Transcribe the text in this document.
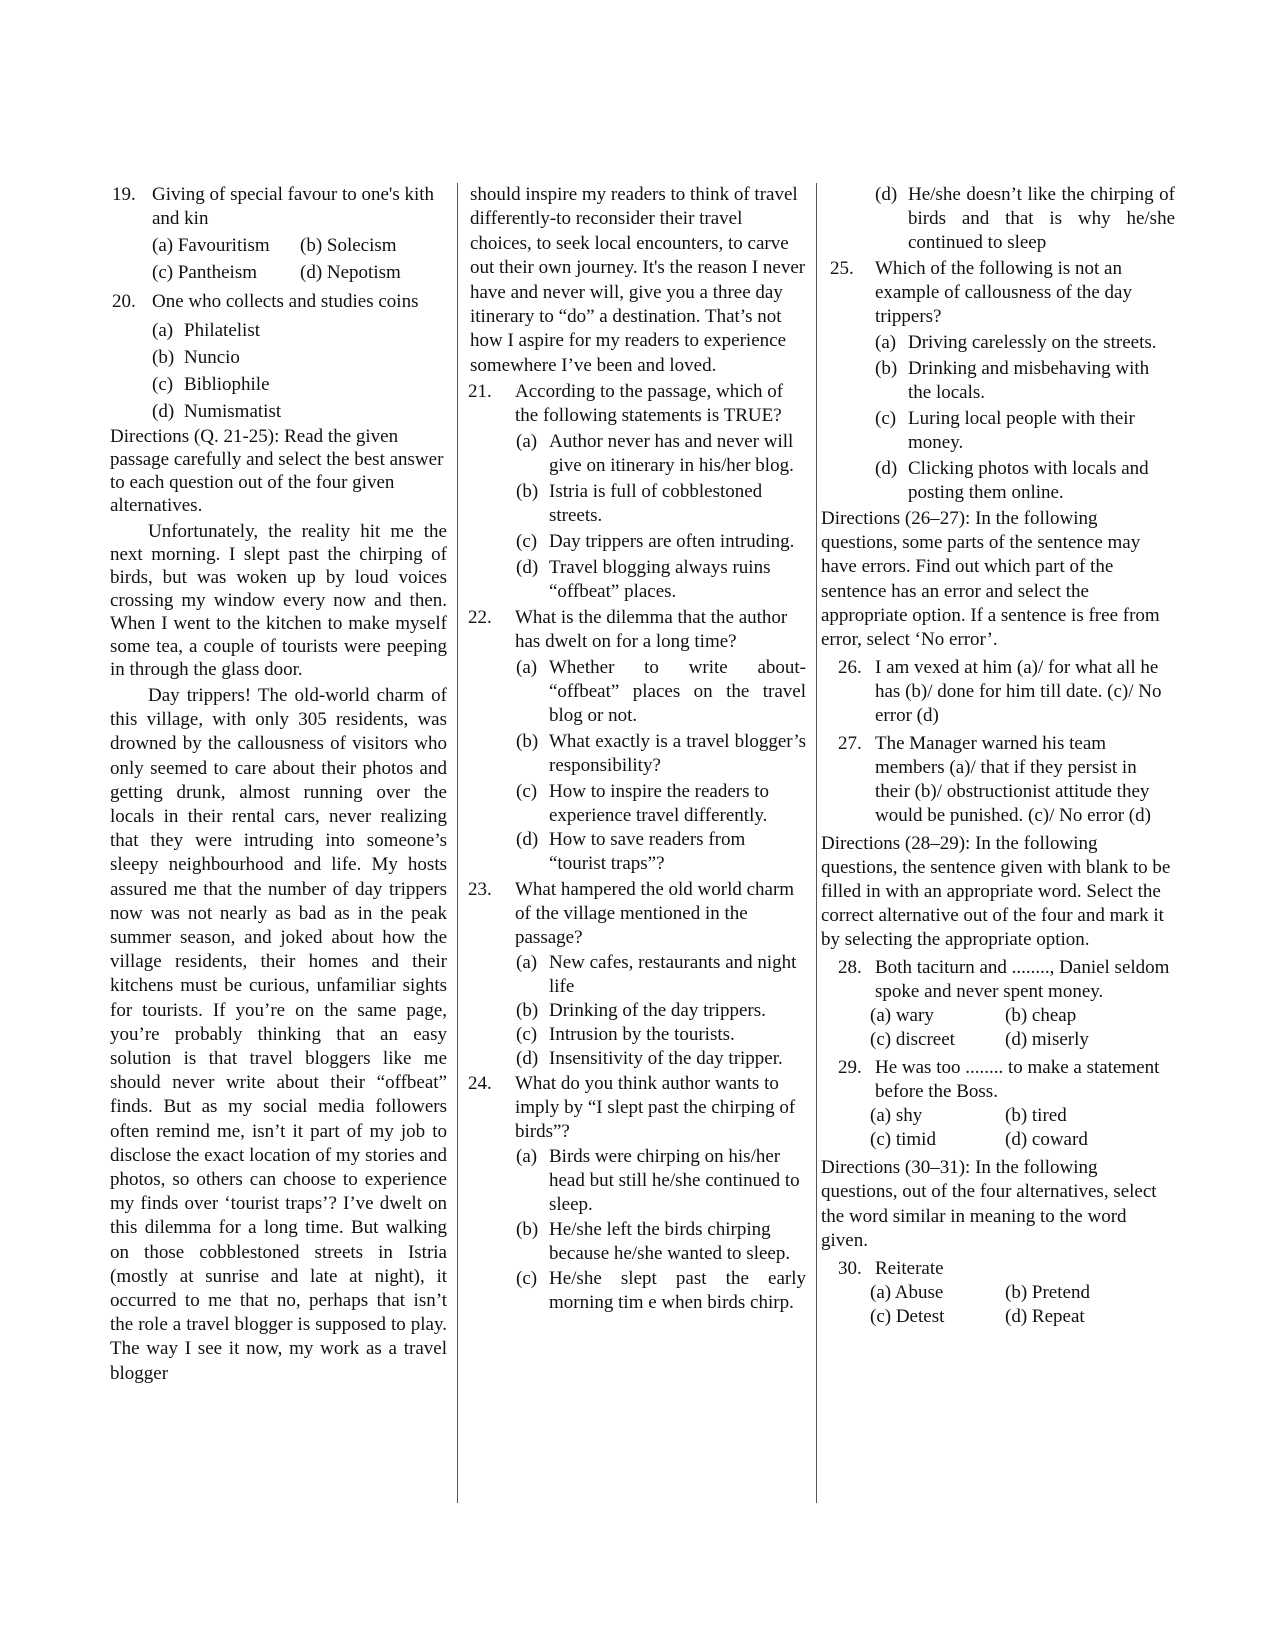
19. Giving of special favour to one's kith and kin
(a) Favouritism	(b) Solecism
(c) Pantheism	(d) Nepotism
20. One who collects and studies coins
(a) Philatelist
(b) Nuncio
(c) Bibliophile
(d) Numismatist

Directions (Q. 21-25): Read the given passage carefully and select the best answer to each question out of the four given alternatives.

Unfortunately, the reality hit me the next morning. I slept past the chirping of birds, but was woken up by loud voices crossing my window every now and then. When I went to the kitchen to make myself some tea, a couple of tourists were peeping in through the glass door.

Day trippers! The old-world charm of this village, with only 305 residents, was drowned by the callousness of visitors who only seemed to care about their photos and getting drunk, almost running over the locals in their rental cars, never realizing that they were intruding into someone’s sleepy neighbourhood and life. My hosts assured me that the number of day trippers now was not nearly as bad as in the peak summer season, and joked about how the village residents, their homes and their kitchens must be curious, unfamiliar sights for tourists. If you’re on the same page, you’re probably thinking that an easy solution is that travel bloggers like me should never write about their “offbeat” finds. But as my social media followers often remind me, isn’t it part of my job to disclose the exact location of my stories and photos, so others can choose to experience my finds over ‘tourist traps’? I’ve dwelt on this dilemma for a long time. But walking on those cobblestoned streets in Istria (mostly at sunrise and late at night), it occurred to me that no, perhaps that isn’t the role a travel blogger is supposed to play. The way I see it now, my work as a travel blogger

should inspire my readers to think of travel differently-to reconsider their travel choices, to seek local encounters, to carve out their own journey. It's the reason I never have and never will, give you a three day itinerary to “do” a destination. That’s not how I aspire for my readers to experience somewhere I’ve been and loved.

21.	According to the passage, which of the following statements is TRUE?
(a) Author never has and never will give on itinerary in his/her blog.
(b) Istria is full of cobblestoned streets.
(c) Day trippers are often intruding.
(d) Travel blogging always ruins “offbeat” places.
22.	What is the dilemma that the author has dwelt on for a long time?
(a) Whether to write about- “offbeat” places on the travel blog or not.
(b) What exactly is a travel blogger’s responsibility?
(c) How to inspire the readers to experience travel differently.
(d) How to save readers from “tourist traps”?
23.	What hampered the old world charm of the village mentioned in the passage?
(a) New cafes, restaurants and night life
(b) Drinking of the day trippers.
(c) Intrusion by the tourists.
(d) Insensitivity of the day tripper.
24.	What do you think author wants to imply by “I slept past the chirping of birds”?
(a) Birds were chirping on his/her head but still he/she continued to sleep.
(b) He/she left the birds chirping because he/she wanted to sleep.
(c) He/she slept past the early morning tim e when birds chirp.
(d) He/she doesn’t like the chirping of birds and that is why he/she continued to sleep
25.	Which of the following is not an example of callousness of the day trippers?
(a) Driving carelessly on the streets.
(b) Drinking and misbehaving with the locals.
(c) Luring local people with their money.
(d) Clicking photos with locals and posting them online.

Directions (26–27): In the following questions, some parts of the sentence may have errors. Find out which part of the sentence has an error and select the appropriate option. If a sentence is free from error, select ‘No error’.

26. I am vexed at him (a)/ for what all he has (b)/ done for him till date. (c)/ No error (d)
27. The Manager warned his team members (a)/ that if they persist in their (b)/ obstructionist attitude they would be punished. (c)/ No error (d)

Directions (28–29): In the following questions, the sentence given with blank to be filled in with an appropriate word. Select the correct alternative out of the four and mark it by selecting the appropriate option.

28. Both taciturn and ........, Daniel seldom spoke and never spent money.
(a) wary	(b) cheap
(c) discreet	(d) miserly
29. He was too ........ to make a statement before the Boss.
(a) shy	(b) tired
(c) timid	(d) coward

Directions (30–31): In the following questions, out of the four alternatives, select the word similar in meaning to the word given.

30. Reiterate
(a) Abuse	(b) Pretend
(c) Detest	(d) Repeat
